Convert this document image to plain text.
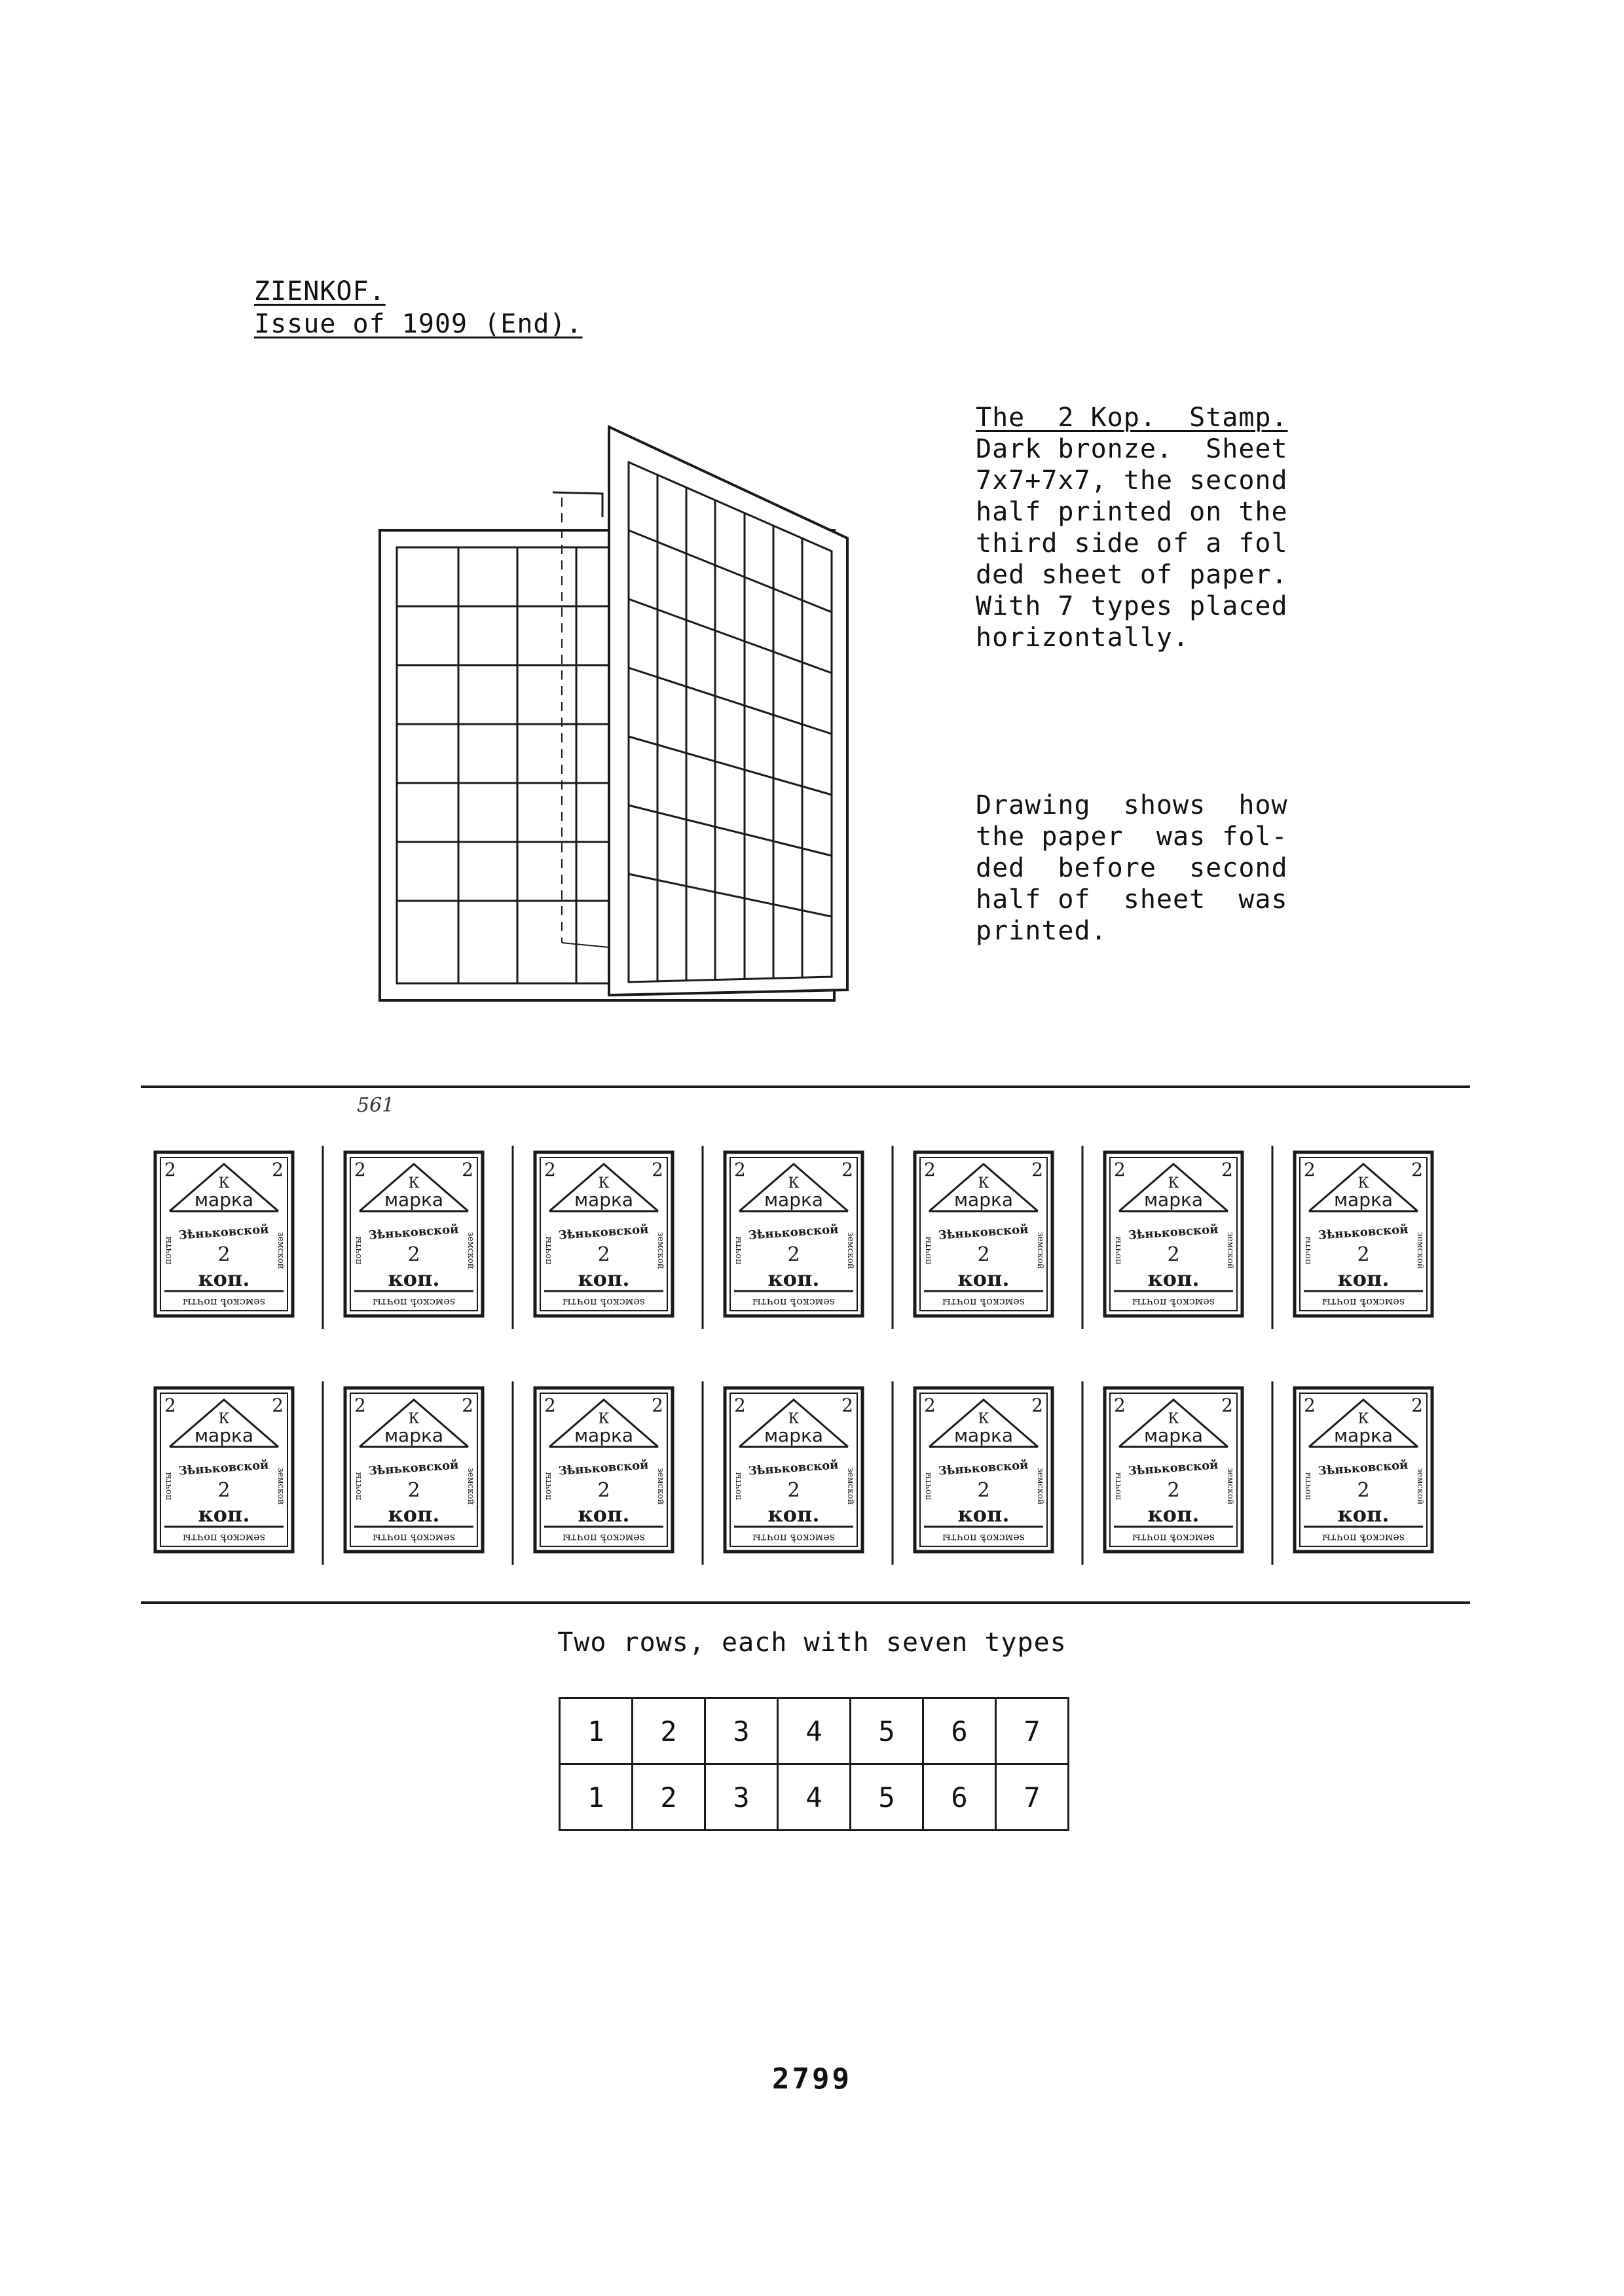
ZIENKOF.
Issue of 1909 (End).
The  2 Kop.  Stamp.
Dark bronze.  Sheet
7x7+7x7, the second
half printed on the
third side of a fol
ded sheet of paper.
With 7 types placed
horizontally.
Drawing  shows  how
the paper  was fol-
ded  before  second
half of  sheet  was
printed.
561
2	2
К
марка
Зѣньковской
2
коп.
почты	земской
ѕемскоѣ почты
2	2
К
марка
Зѣньковской
2
коп.
почты	земской
ѕемскоѣ почты
2	2
К
марка
Зѣньковской
2
коп.
почты	земской
ѕемскоѣ почты
2	2
К
марка
Зѣньковской
2
коп.
почты	земской
ѕемскоѣ почты
2	2
К
марка
Зѣньковской
2
коп.
почты	земской
ѕемскоѣ почты
2	2
К
марка
Зѣньковской
2
коп.
почты	земской
ѕемскоѣ почты
2	2
К
марка
Зѣньковской
2
коп.
почты	земской
ѕемскоѣ почты
2	2
К
марка
Зѣньковской
2
коп.
почты	земской
ѕемскоѣ почты
2	2
К
марка
Зѣньковской
2
коп.
почты	земской
ѕемскоѣ почты
2	2
К
марка
Зѣньковской
2
коп.
почты	земской
ѕемскоѣ почты
2	2
К
марка
Зѣньковской
2
коп.
почты	земской
ѕемскоѣ почты
2	2
К
марка
Зѣньковской
2
коп.
почты	земской
ѕемскоѣ почты
2	2
К
марка
Зѣньковской
2
коп.
почты	земской
ѕемскоѣ почты
2	2
К
марка
Зѣньковской
2
коп.
почты	земской
ѕемскоѣ почты
Two rows, each with seven types
1	2	3	4	5	6	7
1	2	3	4	5	6	7
2799
